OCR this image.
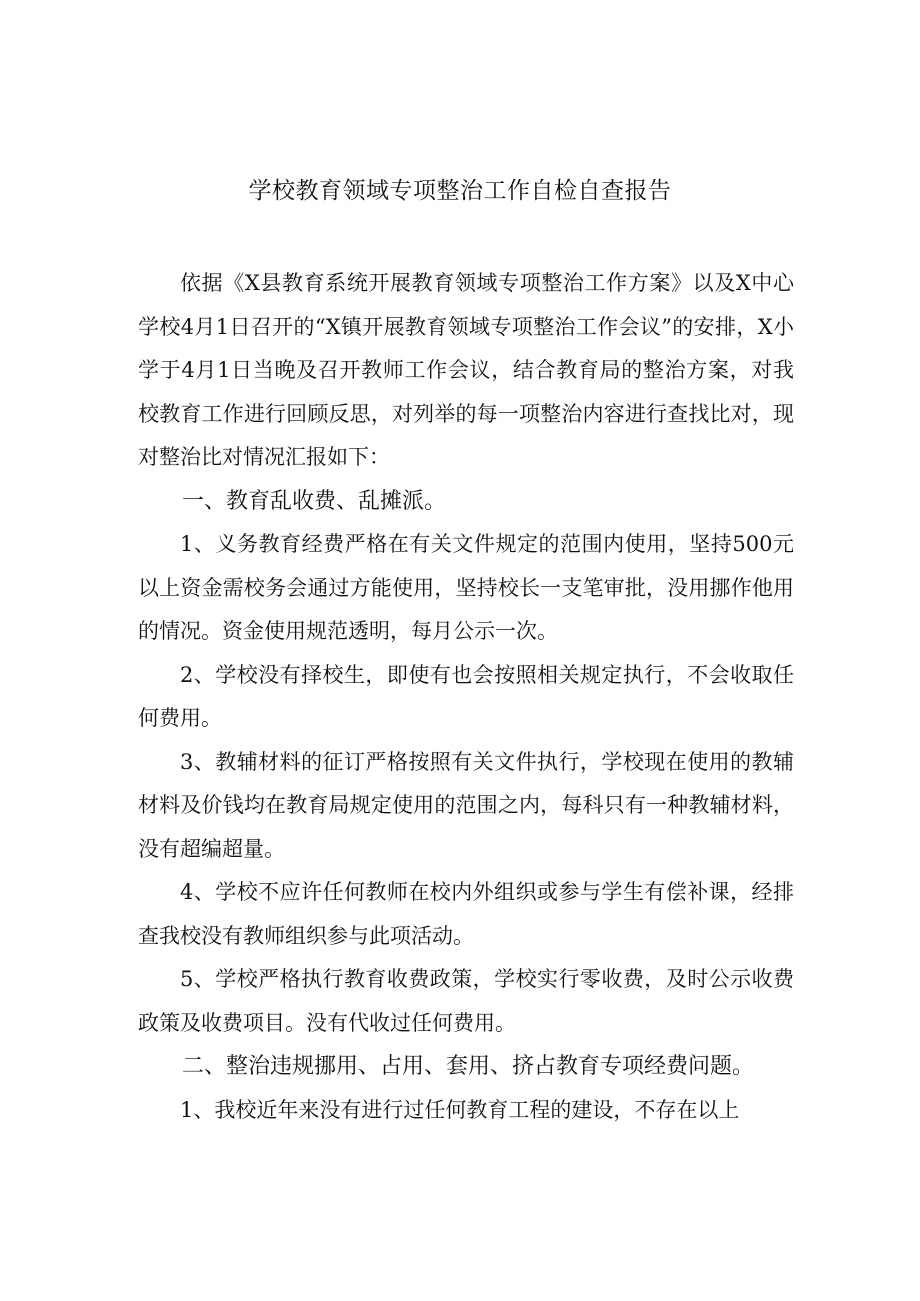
学校教育领域专项整治工作自检自查报告

依据《X县教育系统开展教育领域专项整治工作方案》以及X中心学校4月1日召开的“X镇开展教育领域专项整治工作会议”的安排，X小学于4月1日当晚及召开教师工作会议，结合教育局的整治方案，对我校教育工作进行回顾反思，对列举的每一项整治内容进行查找比对，现对整治比对情况汇报如下：

一、教育乱收费、乱摊派。

1、义务教育经费严格在有关文件规定的范围内使用，坚持500元以上资金需校务会通过方能使用，坚持校长一支笔审批，没用挪作他用的情况。资金使用规范透明，每月公示一次。

2、学校没有择校生，即使有也会按照相关规定执行，不会收取任何费用。

3、教辅材料的征订严格按照有关文件执行，学校现在使用的教辅材料及价钱均在教育局规定使用的范围之内，每科只有一种教辅材料，没有超编超量。

4、学校不应许任何教师在校内外组织或参与学生有偿补课，经排查我校没有教师组织参与此项活动。

5、学校严格执行教育收费政策，学校实行零收费，及时公示收费政策及收费项目。没有代收过任何费用。

二、整治违规挪用、占用、套用、挤占教育专项经费问题。

1、我校近年来没有进行过任何教育工程的建设，不存在以上
